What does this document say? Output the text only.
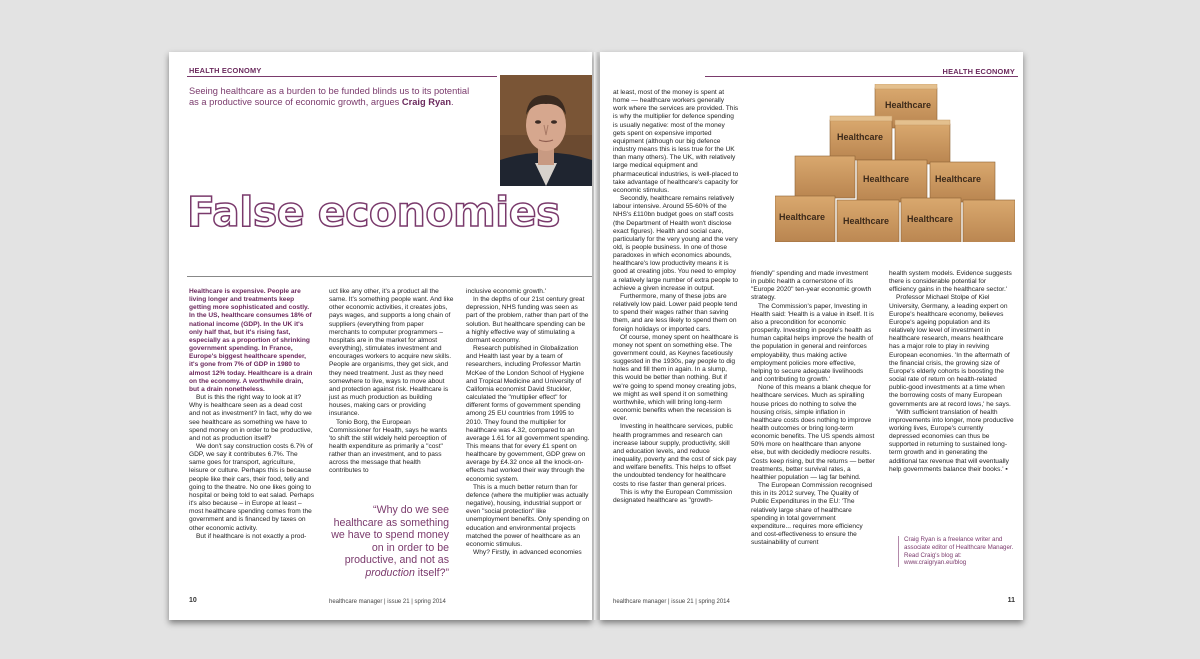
HEALTH ECONOMY
Seeing healthcare as a burden to be funded blinds us to its potential as a productive source of economic growth, argues Craig Ryan.
False economies

Healthcare is expensive. People are living longer and treatments keep getting more sophisticated and costly. In the US, healthcare consumes 18% of national income (GDP). In the UK it's only half that, but it's rising fast, especially as a proportion of shrinking government spending. In France, Europe's biggest healthcare spender, it's gone from 7% of GDP in 1980 to almost 12% today. Healthcare is a drain on the economy. A worthwhile drain, but a drain nonetheless.

But is this the right way to look at it? Why is healthcare seen as a dead cost and not as investment? In fact, why do we see healthcare as something we have to spend money on in order to be productive, and not as production itself?

We don't say construction costs 6.7% of GDP, we say it contributes 6.7%. The same goes for transport, agriculture, leisure or culture. Perhaps this is because people like their cars, their food, telly and going to the theatre. No one likes going to hospital or being told to eat salad. Perhaps it's also because – in Europe at least – most healthcare spending comes from the government and is financed by taxes on other economic activity.

But if healthcare is not exactly a prod-

uct like any other, it's a product all the same. It's something people want. And like other economic activities, it creates jobs, pays wages, and supports a long chain of suppliers (everything from paper merchants to computer programmers – hospitals are in the market for almost everything), stimulates investment and encourages workers to acquire new skills. People are organisms, they get sick, and they need treatment. Just as they need somewhere to live, ways to move about and protection against risk. Healthcare is just as much production as building houses, making cars or providing insurance.

Tonio Borg, the European Commissioner for Health, says he wants 'to shift the still widely held perception of health expenditure as primarily a "cost" rather than an investment, and to pass across the message that health contributes to

“Why do we see healthcare as something we have to spend money on in order to be productive, and not as production itself?”

inclusive economic growth.'

In the depths of our 21st century great depression, NHS funding was seen as part of the problem, rather than part of the solution. But healthcare spending can be a highly effective way of stimulating a dormant economy.

Research published in Globalization and Health last year by a team of researchers, including Professor Martin McKee of the London School of Hygiene and Tropical Medicine and University of California economist David Stuckler, calculated the "multiplier effect" for different forms of government spending among 25 EU countries from 1995 to 2010. They found the multiplier for healthcare was 4.32, compared to an average 1.61 for all government spending. This means that for every £1 spent on healthcare by government, GDP grew on average by £4.32 once all the knock-on-effects had worked their way through the economic system.

This is a much better return than for defence (where the multiplier was actually negative), housing, industrial support or even "social protection" like unemployment benefits. Only spending on education and environmental projects matched the power of healthcare as an economic stimulus.

Why? Firstly, in advanced economies

10	healthcare manager | issue 21 | spring 2014
HEALTH ECONOMY
Healthcare
Healthcare
Healthcare	Healthcare
Healthcare Healthcare Healthcare

at least, most of the money is spent at home — healthcare workers generally work where the services are provided. This is why the multiplier for defence spending is usually negative: most of the money gets spent on expensive imported equipment (although our big defence industry means this is less true for the UK than many others). The UK, with relatively large medical equipment and pharmaceutical industries, is well-placed to take advantage of healthcare's capacity for economic stimulus.

Secondly, healthcare remains relatively labour intensive. Around 55-60% of the NHS's £110bn budget goes on staff costs (the Department of Health won't disclose exact figures). Health and social care, particularly for the very young and the very old, is people business. In one of those paradoxes in which economics abounds, healthcare's low productivity means it is good at creating jobs. You need to employ a relatively large number of extra people to achieve a given increase in output.

Furthermore, many of these jobs are relatively low paid. Lower paid people tend to spend their wages rather than saving them, and are less likely to spend them on foreign holidays or imported cars.

Of course, money spent on healthcare is money not spent on something else. The government could, as Keynes facetiously suggested in the 1930s, pay people to dig holes and fill them in again. In a slump, this would be better than nothing. But if we're going to spend money creating jobs, we might as well spend it on something worthwhile, which will bring long-term economic benefits when the recession is over.

Investing in healthcare services, public health programmes and research can increase labour supply, productivity, skill and education levels, and reduce inequality, poverty and the cost of sick pay and welfare benefits. This helps to offset the undoubted tendency for healthcare costs to rise faster than general prices.

This is why the European Commission designated healthcare as "growth-

friendly" spending and made investment in public health a cornerstone of its "Europe 2020" ten-year economic growth strategy.

The Commission's paper, Investing in Health said: 'Health is a value in itself. It is also a precondition for economic prosperity. Investing in people's health as human capital helps improve the health of the population in general and reinforces employability, thus making active employment policies more effective, helping to secure adequate livelihoods and contributing to growth.'

None of this means a blank cheque for healthcare services. Much as spiralling house prices do nothing to solve the housing crisis, simple inflation in healthcare costs does nothing to improve health outcomes or bring long-term economic benefits. The US spends almost 50% more on healthcare than anyone else, but with decidedly mediocre results. Costs keep rising, but the returns — better treatments, better survival rates, a healthier population — lag far behind.

The European Commission recognised this in its 2012 survey, The Quality of Public Expenditures in the EU: 'The relatively large share of healthcare spending in total government expenditure... requires more efficiency and cost-effectiveness to ensure the sustainability of current

health system models. Evidence suggests there is considerable potential for efficiency gains in the healthcare sector.'

Professor Michael Stolpe of Kiel University, Germany, a leading expert on Europe's healthcare economy, believes Europe's ageing population and its relatively low level of investment in healthcare research, means healthcare has a major role to play in reviving European economies. 'In the aftermath of the financial crisis, the growing size of Europe's elderly cohorts is boosting the social rate of return on health-related public-good investments at a time when the borrowing costs of many European governments are at record lows,' he says.

'With sufficient translation of health improvements into longer, more productive working lives, Europe's currently depressed economies can thus be supported in returning to sustained long-term growth and in generating the additional tax revenue that will eventually help governments balance their books.' ▪

Craig Ryan is a freelance writer and associate editor of Healthcare Manager. Read Craig's blog at: www.craigryan.eu/blog
healthcare manager | issue 21 | spring 2014	11
